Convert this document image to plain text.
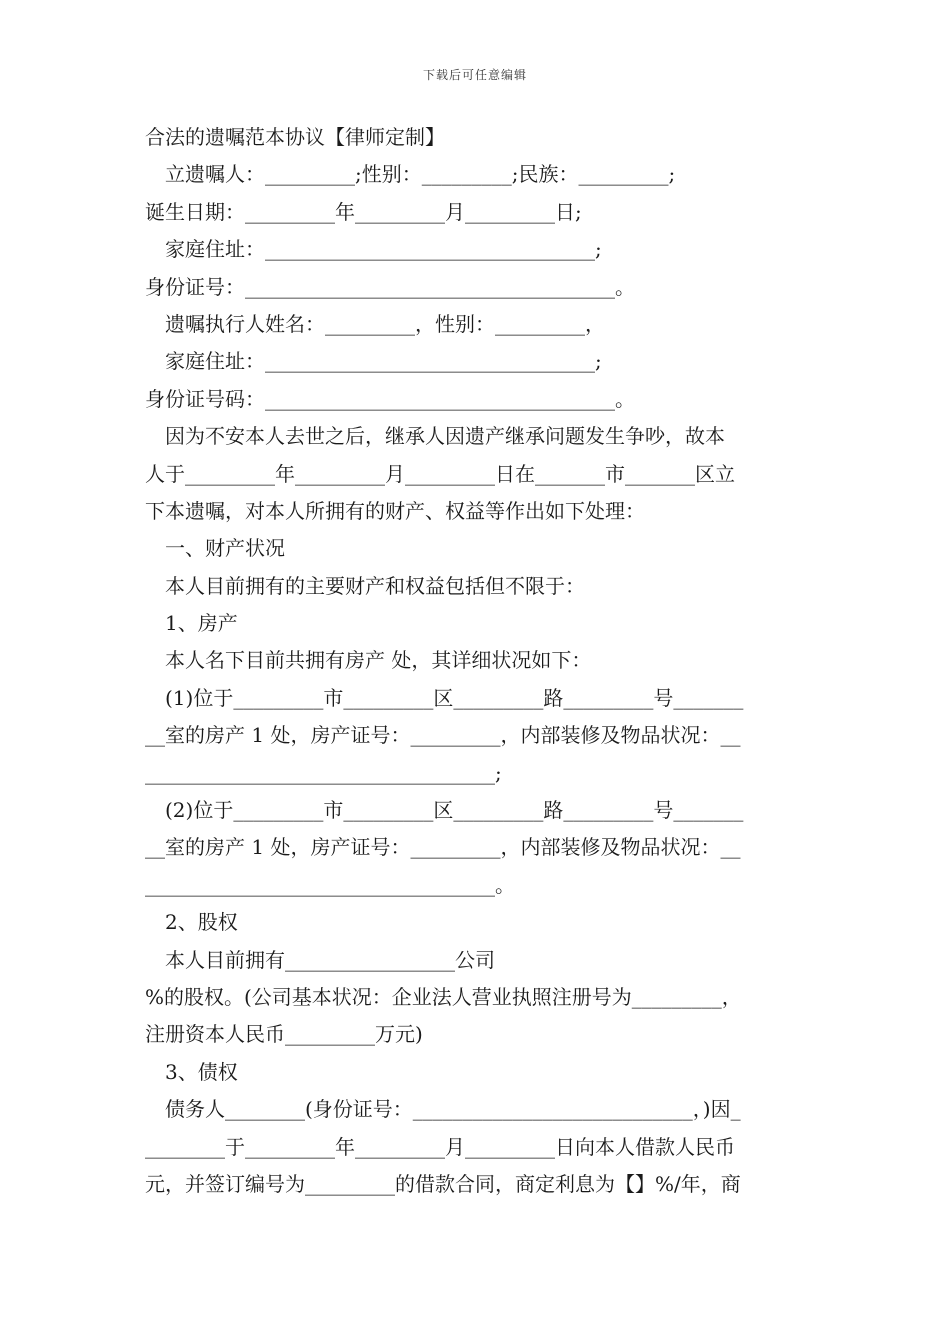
下载后可任意编辑
合法的遗嘱范本协议【律师定制】
立遗嘱人：_________;性别：_________;民族：_________;
诞生日期：_________年_________月_________日;
家庭住址：_________________________________;
身份证号：_____________________________________。
遗嘱执行人姓名：_________，性别：_________，
家庭住址：_________________________________;
身份证号码：___________________________________。
因为不安本人去世之后，继承人因遗产继承问题发生争吵，故本
人于_________年_________月_________日在_______市_______区立
下本遗嘱，对本人所拥有的财产、权益等作出如下处理：
一、财产状况
本人目前拥有的主要财产和权益包括但不限于：
1、房产
本人名下目前共拥有房产 处，其详细状况如下：
(1)位于_________市_________区_________路_________号_______
__室的房产 1 处，房产证号：_________，内部装修及物品状况：__
___________________________________;
(2)位于_________市_________区_________路_________号_______
__室的房产 1 处，房产证号：_________，内部装修及物品状况：__
___________________________________。
2、股权
本人目前拥有_________________公司
%的股权。(公司基本状况：企业法人营业执照注册号为_________，
注册资本人民币_________万元)
3、债权
债务人________(身份证号：____________________________，)因_
________于_________年_________月_________日向本人借款人民币
元，并签订编号为_________的借款合同，商定利息为【】%/年，商
